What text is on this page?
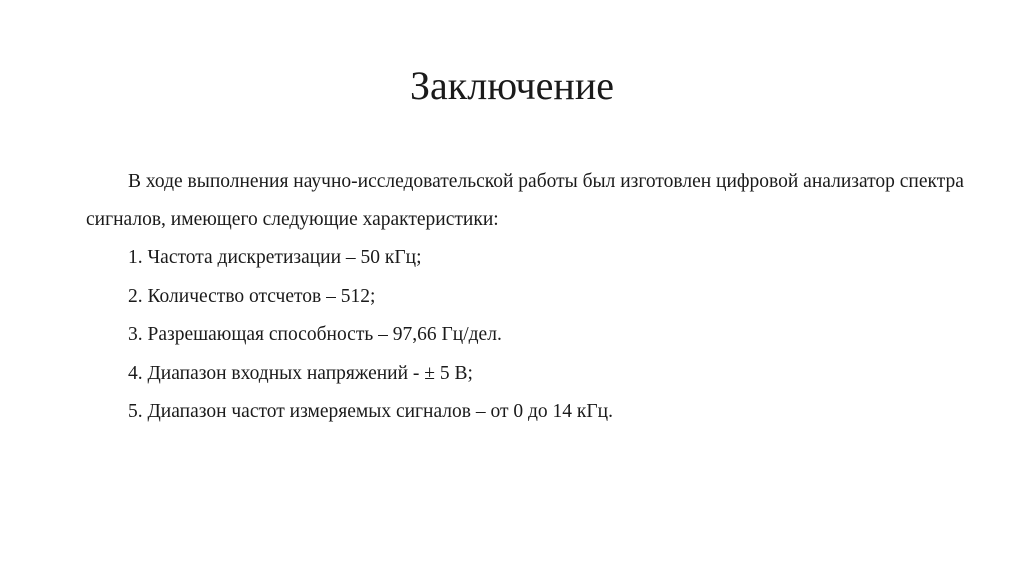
Заключение

В ходе выполнения научно-исследовательской работы был изготовлен цифровой анализатор спектра сигналов, имеющего следующие характеристики:

1. Частота дискретизации – 50 кГц;
2. Количество отсчетов – 512;
3. Разрешающая способность – 97,66 Гц/дел.
4. Диапазон входных напряжений - ± 5 В;
5. Диапазон частот измеряемых сигналов – от 0 до 14 кГц.
